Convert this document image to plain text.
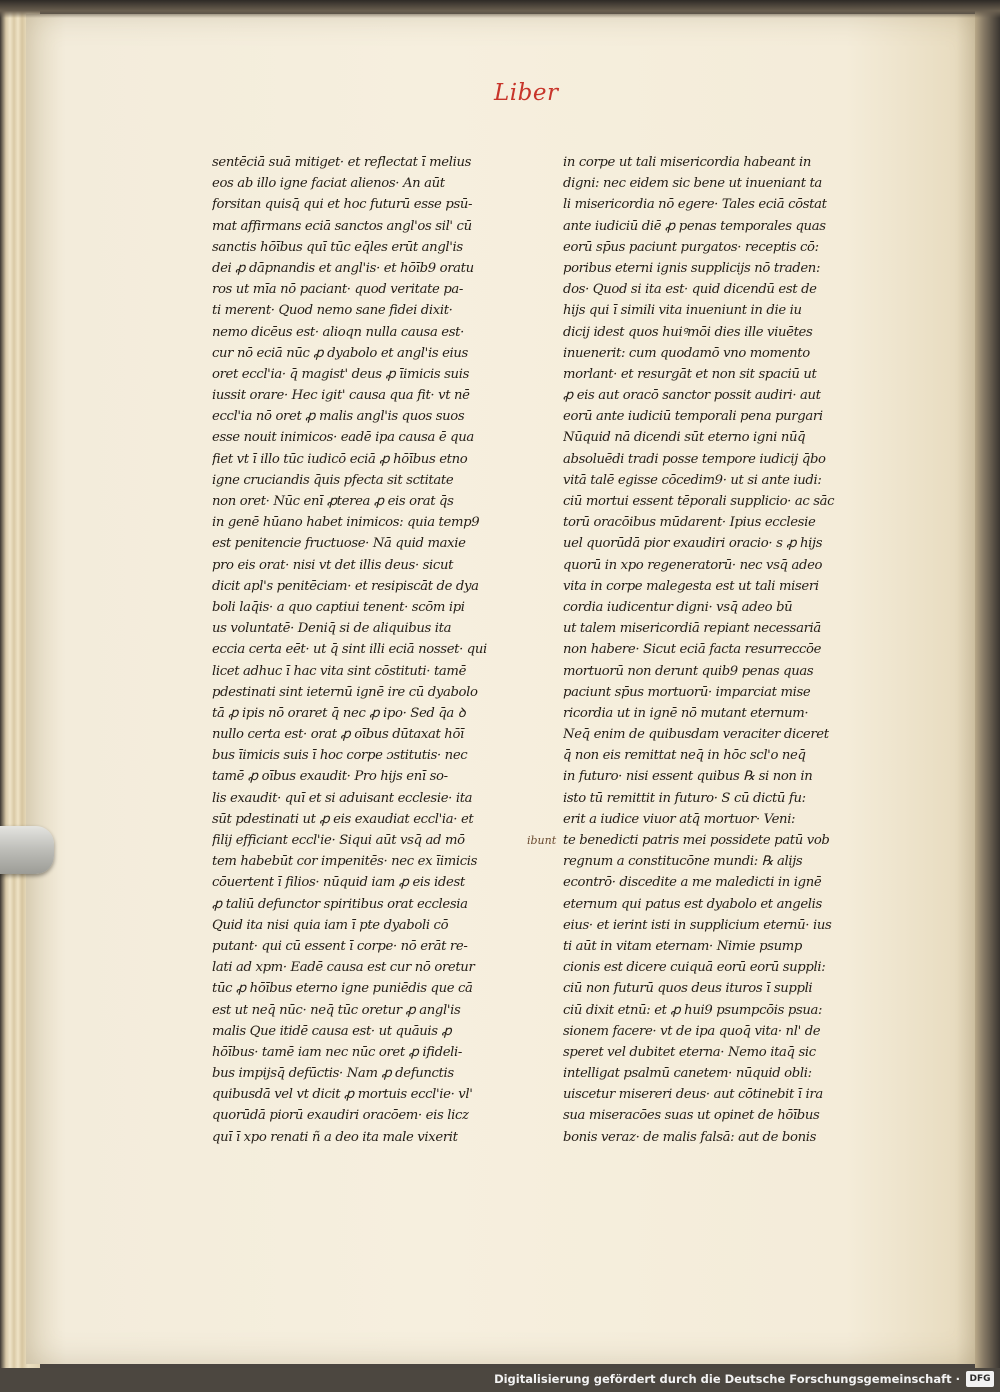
Liber
sentēciā suā mitiget· et reflectat ī melius
eos ab illo igne faciat alienos· An aūt
forsitan quisq̄ qui et hoc futurū esse psū-
mat affirmans eciā sanctos angl'os sil' cū
sanctis hōībus quī tūc eq̄les erūt angl'is
dei ꝓ dāpnandis et angl'is· et hōīb9 oratu
ros ut mīa nō paciant· quod veritate pa-
ti merent· Quod nemo sane fidei dixit·
nemo dicēus est· alioqn nulla causa est·
cur nō eciā nūc ꝓ dyabolo et angl'is eius
oret eccl'ia· q̄ magist' deus ꝓ īimicis suis
iussit orare· Hec igit' causa qua fit· vt nē
eccl'ia nō oret ꝓ malis angl'is quos suos
esse nouit inimicos· eadē ipa causa ē qua
fiet vt ī illo tūc iudicō eciā ꝓ hōībus etno
igne cruciandis q̄uis pfecta sit sctitate
non oret· Nūc enī ꝓterea ꝓ eis orat q̄s
in genē hūano habet inimicos: quia temp9
est penitencie fructuose· Nā quid maxie
pro eis orat· nisi vt det illis deus· sicut
dicit apl's penitēciam· et resipiscāt de dya
boli laq̄is· a quo captiui tenent· scōm ipi
us voluntatē· Deniq̄ si de aliquibus ita
eccia certa eēt· ut q̄ sint illi eciā nosset· qui
licet adhuc ī hac vita sint cōstituti· tamē
pdestinati sint ieternū ignē ire cū dyabolo
tā ꝓ ipis nō oraret q̄ nec ꝓ ipo· Sed q̄a ꝺ
nullo certa est· orat ꝓ oībus dūtaxat hōī
bus īimicis suis ī hoc corpe ɔstitutis· nec
tamē ꝓ oībus exaudit· Pro hijs enī so-
lis exaudit· quī et si aduisant ecclesie· ita
sūt pdestinati ut ꝓ eis exaudiat eccl'ia· et
filij efficiant eccl'ie· Siqui aūt vsq̄ ad mō
tem habebūt cor impenitēs· nec ex īimicis
cōuertent ī filios· nūquid iam ꝓ eis idest
ꝓ taliū defunctor spiritibus orat ecclesia
Quid ita nisi quia iam ī pte dyaboli cō
putant· qui cū essent ī corpe· nō erāt re-
lati ad xpm· Eadē causa est cur nō oretur
tūc ꝓ hōībus eterno igne puniēdis que cā
est ut neq̄ nūc· neq̄ tūc oretur ꝓ angl'is
malis Que itidē causa est· ut quāuis ꝓ
hōībus· tamē iam nec nūc oret ꝓ ifideli-
bus impijsq̄ defūctis· Nam ꝓ defunctis
quibusdā vel vt dicit ꝓ mortuis eccl'ie· vl'
quorūdā piorū exaudiri oracōem· eis licz
quī ī xpo renati ñ a deo ita male vixerit
in corpe ut tali misericordia habeant in
digni: nec eidem sic bene ut inueniant ta
li misericordia nō egere· Tales eciā cōstat
ante iudiciū diē ꝓ penas temporales quas
eorū sp̄us paciunt purgatos· receptis cō:
poribus eterni ignis supplicijs nō traden:
dos· Quod si ita est· quid dicendū est de
hijs qui ī simili vita inueniunt in die iu
dicij idest quos huiꝰmōi dies ille viuētes
inuenerit: cum quodamō vno momento
morlant· et resurgāt et non sit spaciū ut
ꝓ eis aut oracō sanctor possit audiri· aut
eorū ante iudiciū temporali pena purgari
Nūquid nā dicendi sūt eterno igni nūq̄
absoluēdi tradi posse tempore iudicij q̄bo
vitā talē egisse cōcedim9· ut si ante iudi:
ciū mortui essent tēporali supplicio· ac sāc
torū oracōibus mūdarent· Ipius ecclesie
uel quorūdā pior exaudiri oracio· s ꝓ hijs
quorū in xpo regeneratorū· nec vsq̄ adeo
vita in corpe malegesta est ut tali miseri
cordia iudicentur digni· vsq̄ adeo bū
ut talem misericordiā repiant necessariā
non habere· Sicut eciā facta resurreccōe
mortuorū non derunt quib9 penas quas
paciunt sp̄us mortuorū· imparciat mise
ricordia ut in ignē nō mutant eternum·
Neq̄ enim de quibusdam veraciter diceret
q̄ non eis remittat neq̄ in hōc scl'o neq̄
in futuro· nisi essent quibus ℞ si non in
isto tū remittit in futuro· S cū dictū fu:
erit a iudice viuor atq̄ mortuor· Veni:
te benedicti patris mei possidete patū vob
regnum a constitucōne mundi: ℞ alijs
econtrō· discedite a me maledicti in ignē
eternum qui patus est dyabolo et angelis
eius· et ierint isti in supplicium eternū· ius
ti aūt in vitam eternam· Nimie psump
cionis est dicere cuiquā eorū eorū suppli:
ciū non futurū quos deus ituros ī suppli
ciū dixit etnū: et ꝓ hui9 psumpcōis psua:
sionem facere· vt de ipa quoq̄ vita· nl' de
speret vel dubitet eterna· Nemo itaq̄ sic
intelligat psalmū canetem· nūquid obli:
uiscetur misereri deus· aut cōtinebit ī ira
sua miseracōes suas ut opinet de hōībus
bonis veraz· de malis falsā: aut de bonis
ibunt
Digitalisierung gefördert durch die Deutsche Forschungsgemeinschaft ·	DFG
